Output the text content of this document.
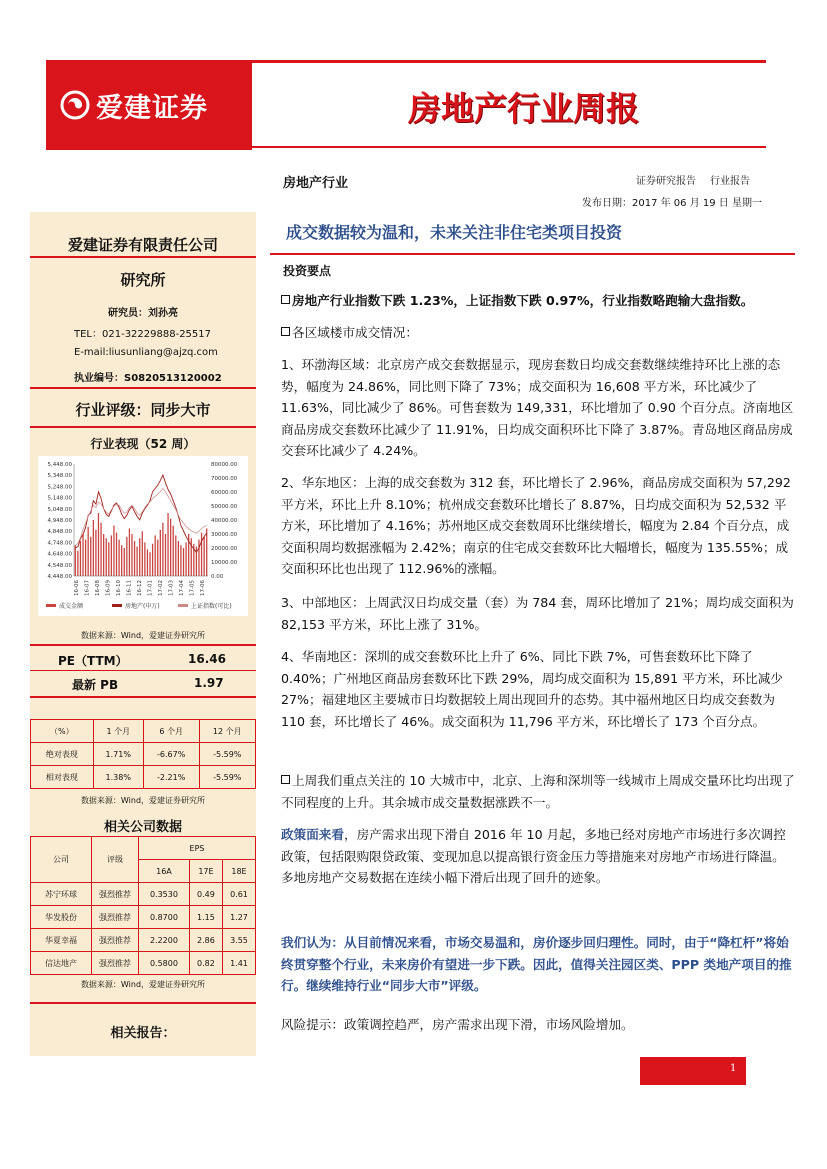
爱建证券	房地产行业周报
房地产行业	证券研究报告 行业报告
发布日期：2017 年 06 月 19 日 星期一
爱建证券有限责任公司
研究所
研究员：刘孙亮
TEL：021-32229888-25517
E-mail:liusunliang@ajzq.com
执业编号：S0820513120002
行业评级：同步大市
行业表现（52 周）
4,448.00
4,548.00
4,648.00
4,748.00
4,848.00
4,948.00
5,048.00
5,148.00
5,248.00
5,348.00
5,448.00
0.00
10000.00
20000.00
30000.00
40000.00
50000.00
60000.00
70000.00
80000.00
16-06 16-07 16-08 16-09 16-10 16-11 16-12 17-01 17-02 17-03 17-04 17-05 17-06
成交金额	房地产(申万)	上证指数(可比)
数据来源：Wind，爱建证券研究所
PE（TTM）	16.46
最新 PB	1.97
（%）	1 个月	6 个月	12 个月
绝对表现	1.71%	-6.67%	-5.59%
相对表现	1.38%	-2.21%	-5.59%
数据来源：Wind，爱建证券研究所
相关公司数据
公司	评级	EPS		
		16A	17E	18E
苏宁环球	强烈推荐	0.3530	0.49	0.61
华发股份	强烈推荐	0.8700	1.15	1.27
华夏幸福	强烈推荐	2.2200	2.86	3.55
信达地产	强烈推荐	0.5800	0.82	1.41
数据来源：Wind，爱建证券研究所
相关报告：
成交数据较为温和，未来关注非住宅类项目投资
投资要点
房地产行业指数下跌 1.23%，上证指数下跌 0.97%，行业指数略跑输大盘指数。
各区域楼市成交情况：
1、环渤海区域：北京房产成交套数据显示，现房套数日均成交套数继续维持环比上涨的态势，幅度为 24.86%，同比则下降了 73%；成交面积为 16,608 平方米，环比减少了 11.63%，同比减少了 86%。可售套数为 149,331，环比增加了 0.90 个百分点。济南地区商品房成交套数环比减少了 11.91%，日均成交面积环比下降了 3.87%。青岛地区商品房成交套环比减少了 4.24%。
2、华东地区：上海的成交套数为 312 套，环比增长了 2.96%，商品房成交面积为 57,292 平方米，环比上升 8.10%；杭州成交套数环比增长了 8.87%，日均成交面积为 52,532 平方米，环比增加了 4.16%；苏州地区成交套数周环比继续增长，幅度为 2.84 个百分点，成交面积周均数据涨幅为 2.42%；南京的住宅成交套数环比大幅增长，幅度为 135.55%；成交面积环比也出现了 112.96%的涨幅。
3、中部地区：上周武汉日均成交量（套）为 784 套，周环比增加了 21%；周均成交面积为 82,153 平方米，环比上涨了 31%。
4、华南地区：深圳的成交套数环比上升了 6%、同比下跌 7%，可售套数环比下降了 0.40%；广州地区商品房套数环比下跌 29%，周均成交面积为 15,891 平方米，环比减少 27%；福建地区主要城市日均数据较上周出现回升的态势。其中福州地区日均成交套数为 110 套，环比增长了 46%。成交面积为 11,796 平方米，环比增长了 173 个百分点。
上周我们重点关注的 10 大城市中，北京、上海和深圳等一线城市上周成交量环比均出现了不同程度的上升。其余城市成交量数据涨跌不一。
政策面来看，房产需求出现下滑自 2016 年 10 月起，多地已经对房地产市场进行多次调控政策，包括限购限贷政策、变现加息以提高银行资金压力等措施来对房地产市场进行降温。多地房地产交易数据在连续小幅下滑后出现了回升的迹象。
我们认为：从目前情况来看，市场交易温和，房价逐步回归理性。同时，由于“降杠杆”将始终贯穿整个行业，未来房价有望进一步下跌。因此，值得关注园区类、PPP 类地产项目的推行。继续维持行业“同步大市”评级。
风险提示：政策调控趋严，房产需求出现下滑，市场风险增加。
1
